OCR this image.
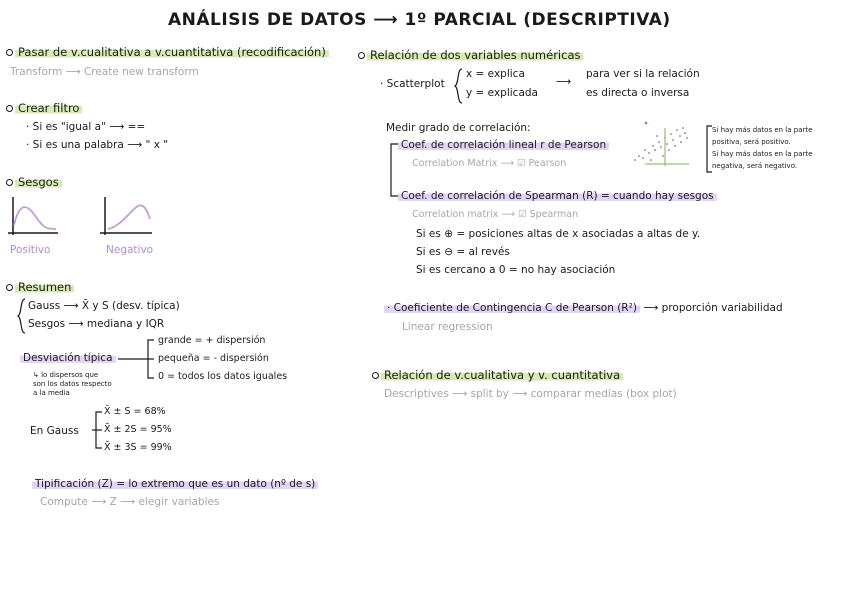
ANÁLISIS DE DATOS ⟶ 1º PARCIAL (DESCRIPTIVA)
Pasar de v.cualitativa a v.cuantitativa (recodificación)
Transform ⟶ Create new transform
Crear filtro
· Si es "igual a" ⟶ ==
· Si es una palabra ⟶ " x "
Sesgos
Positivo	Negativo
Resumen
Gauss ⟶ X̄ y S (desv. típica)
Sesgos ⟶ mediana y IQR
Desviación típica
grande = + dispersión
pequeña = - dispersión
0 = todos los datos iguales
↳ lo dispersos que
son los datos respecto
a la media
En Gauss
X̄ ± S = 68%
X̄ ± 2S = 95%
X̄ ± 3S = 99%
Tipificación (Z) = lo extremo que es un dato (nº de s)
Compute ⟶ Z ⟶ elegir variables
Relación de dos variables numéricas
· Scatterplot
x = explica
y = explicada
⟶
para ver si la relación
es directa o inversa
Medir grado de correlación:
Coef. de correlación lineal r de Pearson
Correlation Matrix ⟶ ☑ Pearson
Si hay más datos en la parte
positiva, será positivo.
Si hay más datos en la parte
negativa, será negativo.
Coef. de correlación de Spearman (R) = cuando hay sesgos
Correlation matrix ⟶ ☑ Spearman
Si es ⊕ = posiciones altas de x asociadas a altas de y.
Si es ⊖ = al revés
Si es cercano a 0 = no hay asociación
· Coeficiente de Contingencia C de Pearson (R²) ⟶ proporción variabilidad
Linear regression
Relación de v.cualitativa y v. cuantitativa
Descriptives ⟶ split by ⟶ comparar medias (box plot)
